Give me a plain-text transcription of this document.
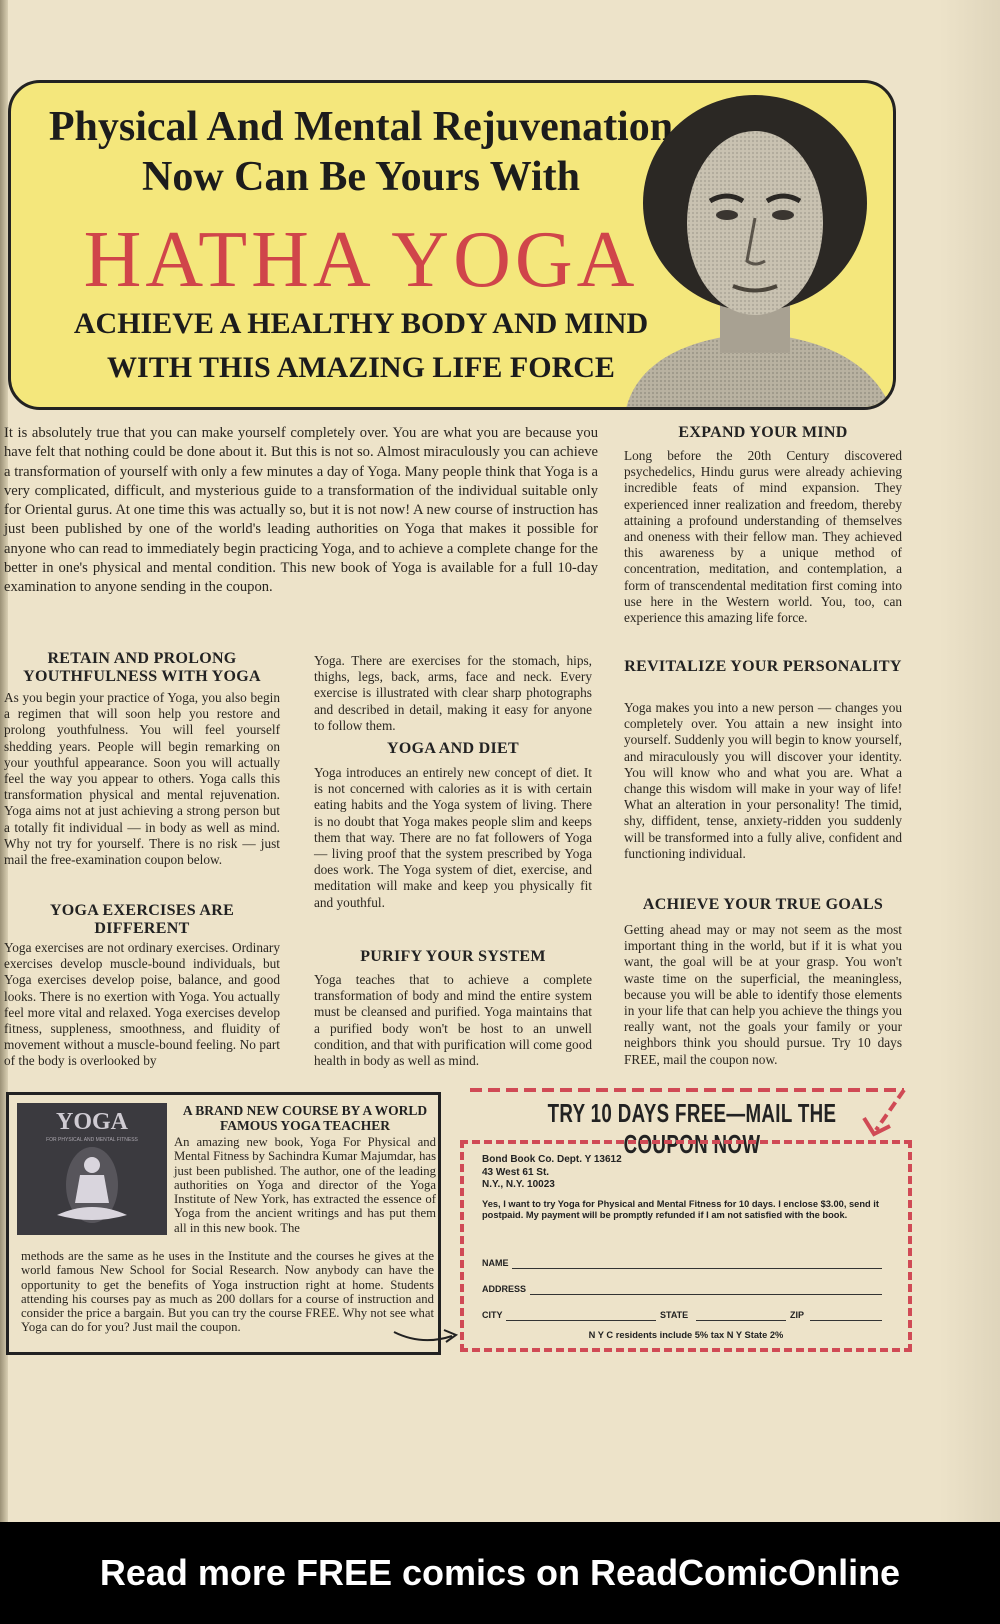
Physical And Mental Rejuvenation
Now Can Be Yours With
HATHA YOGA
ACHIEVE A HEALTHY BODY AND MIND
WITH THIS AMAZING LIFE FORCE
It is absolutely true that you can make yourself completely over. You are what you are because you have felt that nothing could be done about it. But this is not so. Almost miraculously you can achieve a transformation of yourself with only a few minutes a day of Yoga. Many people think that Yoga is a very complicated, difficult, and mysterious guide to a transformation of the individual suitable only for Oriental gurus. At one time this was actually so, but it is not now! A new course of instruction has just been published by one of the world's leading authorities on Yoga that makes it possible for anyone who can read to immediately begin practicing Yoga, and to achieve a complete change for the better in one's physical and mental condition. This new book of Yoga is available for a full 10-day examination to anyone sending in the coupon.
RETAIN AND PROLONG YOUTHFULNESS WITH YOGA
As you begin your practice of Yoga, you also begin a regimen that will soon help you restore and prolong youthfulness. You will feel yourself shedding years. People will begin remarking on your youthful appearance. Soon you will actually feel the way you appear to others. Yoga calls this transformation physical and mental rejuvenation. Yoga aims not at just achieving a strong person but a totally fit individual — in body as well as mind. Why not try for yourself. There is no risk — just mail the free-examination coupon below.
YOGA EXERCISES ARE DIFFERENT
Yoga exercises are not ordinary exercises. Ordinary exercises develop muscle-bound individuals, but Yoga exercises develop poise, balance, and good looks. There is no exertion with Yoga. You actually feel more vital and relaxed. Yoga exercises develop fitness, suppleness, smoothness, and fluidity of movement without a muscle-bound feeling. No part of the body is overlooked by
Yoga. There are exercises for the stomach, hips, thighs, legs, back, arms, face and neck. Every exercise is illustrated with clear sharp photographs and described in detail, making it easy for anyone to follow them.
YOGA AND DIET
Yoga introduces an entirely new concept of diet. It is not concerned with calories as it is with certain eating habits and the Yoga system of living. There is no doubt that Yoga makes people slim and keeps them that way. There are no fat followers of Yoga — living proof that the system prescribed by Yoga does work. The Yoga system of diet, exercise, and meditation will make and keep you physically fit and youthful.
PURIFY YOUR SYSTEM
Yoga teaches that to achieve a complete transformation of body and mind the entire system must be cleansed and purified. Yoga maintains that a purified body won't be host to an unwell condition, and that with purification will come good health in body as well as mind.
EXPAND YOUR MIND
Long before the 20th Century discovered psychedelics, Hindu gurus were already achieving incredible feats of mind expansion. They experienced inner realization and freedom, thereby attaining a profound understanding of themselves and oneness with their fellow man. They achieved this awareness by a unique method of concentration, meditation, and contemplation, a form of transcendental meditation first coming into use here in the Western world. You, too, can experience this amazing life force.
REVITALIZE YOUR PERSONALITY
Yoga makes you into a new person — changes you completely over. You attain a new insight into yourself. Suddenly you will begin to know yourself, and miraculously you will discover your identity. You will know who and what you are. What a change this wisdom will make in your way of life! What an alteration in your personality! The timid, shy, diffident, tense, anxiety-ridden you suddenly will be transformed into a fully alive, confident and functioning individual.
ACHIEVE YOUR TRUE GOALS
Getting ahead may or may not seem as the most important thing in the world, but if it is what you want, the goal will be at your grasp. You won't waste time on the superficial, the meaningless, because you will be able to identify those elements in your life that can help you achieve the things you really want, not the goals your family or your neighbors think you should pursue. Try 10 days FREE, mail the coupon now.
YOGA
FOR PHYSICAL AND MENTAL FITNESS
A BRAND NEW COURSE BY A WORLD FAMOUS YOGA TEACHER
An amazing new book, Yoga For Physical and Mental Fitness by Sachindra Kumar Majumdar, has just been published. The author, one of the leading authorities on Yoga and director of the Yoga Institute of New York, has extracted the essence of Yoga from the ancient writings and has put them all in this new book. The
methods are the same as he uses in the Institute and the courses he gives at the world famous New School for Social Research. Now anybody can have the opportunity to get the benefits of Yoga instruction right at home. Students attending his courses pay as much as 200 dollars for a course of instruction and consider the price a bargain. But you can try the course FREE. Why not see what Yoga can do for you? Just mail the coupon.
TRY 10 DAYS FREE—MAIL THE COUPON NOW
Bond Book Co. Dept. Y 13612
43 West 61 St.
N.Y., N.Y. 10023
Yes, I want to try Yoga for Physical and Mental Fitness for 10 days. I enclose $3.00, send it postpaid. My payment will be promptly refunded if I am not satisfied with the book.
NAME
ADDRESS
CITY	STATE	ZIP
N Y C residents include 5% tax N Y State 2%
Read more FREE comics on ReadComicOnline
